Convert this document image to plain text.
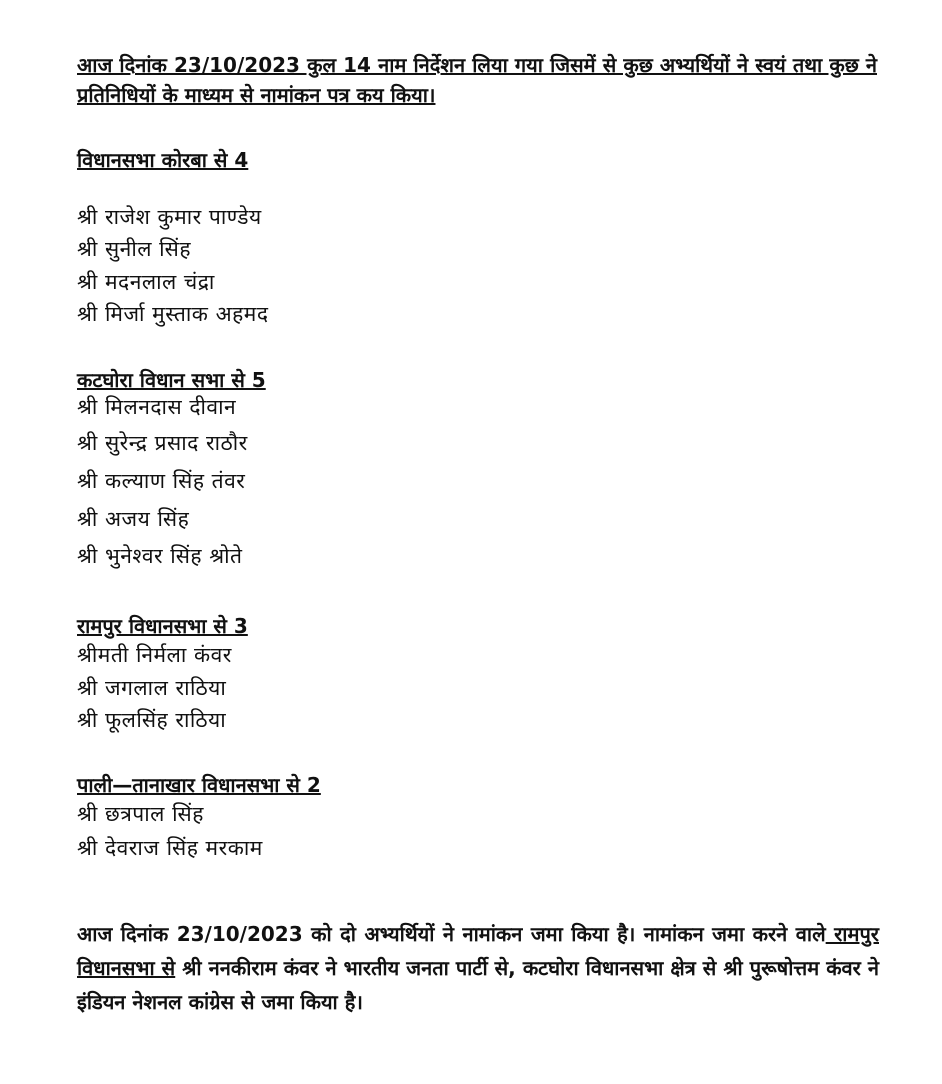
आज दिनांक 23/10/2023 कुल 14 नाम निर्देशन लिया गया जिसमें से कुछ अभ्यर्थियों ने स्वयं तथा कुछ ने प्रतिनिधियों के माध्यम से नामांकन पत्र कय किया।
विधानसभा कोरबा से 4
श्री राजेश कुमार पाण्डेय
श्री सुनील सिंह
श्री मदनलाल चंद्रा
श्री मिर्जा मुस्ताक अहमद
कटघोरा विधान सभा से 5
श्री मिलनदास दीवान
श्री सुरेन्द्र प्रसाद राठौर
श्री कल्याण सिंह तंवर
श्री अजय सिंह
श्री भुनेश्वर सिंह श्रोते
रामपुर विधानसभा से 3
श्रीमती निर्मला कंवर
श्री जगलाल राठिया
श्री फूलसिंह राठिया
पाली—तानाखार विधानसभा से 2
श्री छत्रपाल सिंह
श्री देवराज सिंह मरकाम
आज दिनांक 23/10/2023 को दो अभ्यर्थियों ने नामांकन जमा किया है। नामांकन जमा करने वाले रामपुर विधानसभा से श्री ननकीराम कंवर ने भारतीय जनता पार्टी से, कटघोरा विधानसभा क्षेत्र से श्री पुरूषोत्तम कंवर ने इंडियन नेशनल कांग्रेस से जमा किया है।
